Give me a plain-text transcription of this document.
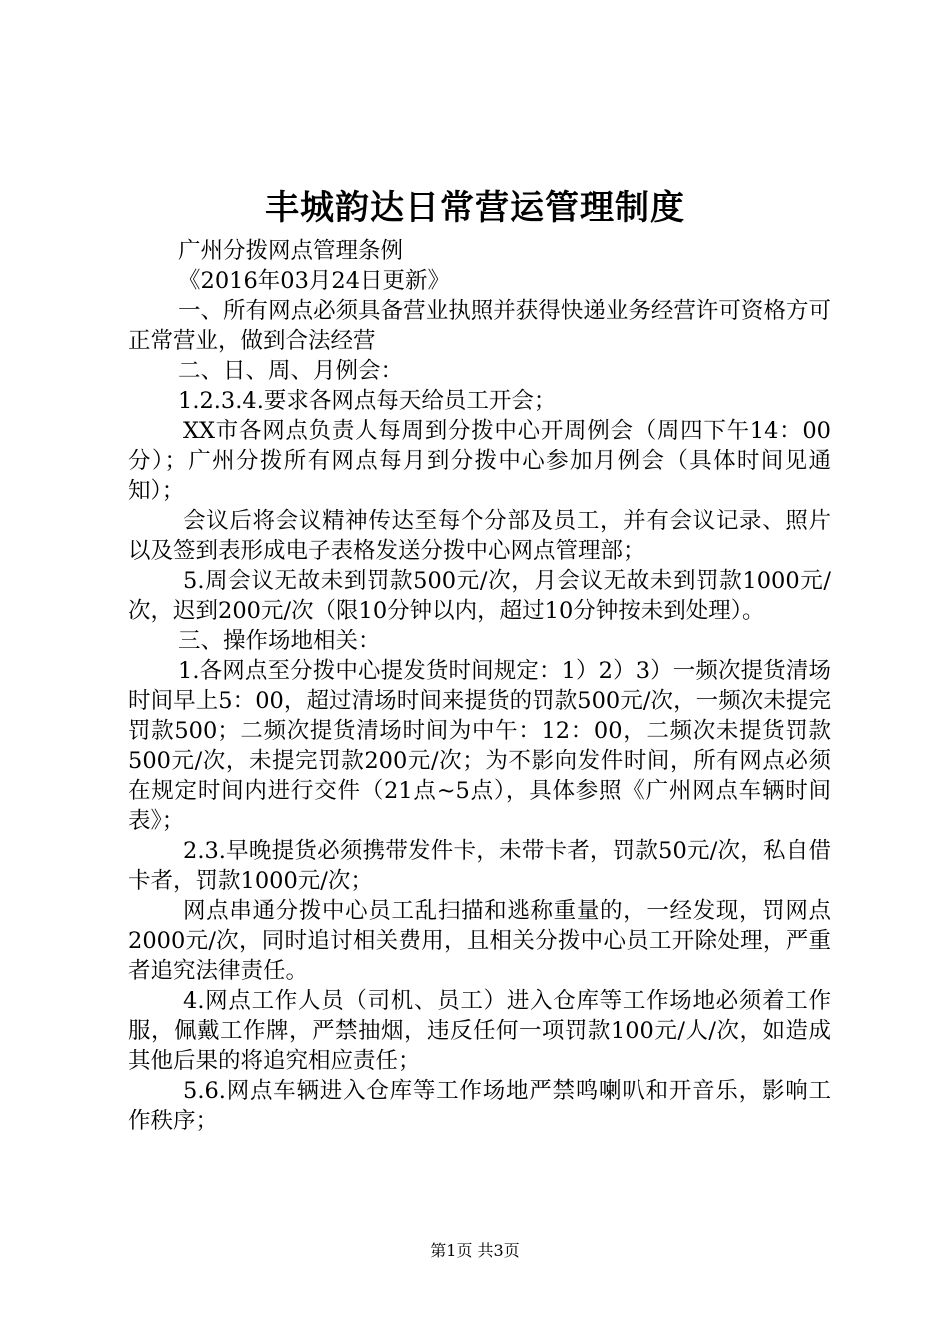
丰城韵达日常营运管理制度

广州分拨网点管理条例

《2016年03月24日更新》

一、所有网点必须具备营业执照并获得快递业务经营许可资格方可正常营业，做到合法经营

二、日、周、月例会：

1.2.3.4.要求各网点每天给员工开会；

XX市各网点负责人每周到分拨中心开周例会（周四下午14：00分）；广州分拨所有网点每月到分拨中心参加月例会（具体时间见通知）；

会议后将会议精神传达至每个分部及员工，并有会议记录、照片以及签到表形成电子表格发送分拨中心网点管理部；

5.周会议无故未到罚款500元/次，月会议无故未到罚款1000元/次，迟到200元/次（限10分钟以内，超过10分钟按未到处理）。

三、操作场地相关：

1.各网点至分拨中心提发货时间规定：1）2）3）一频次提货清场时间早上5：00，超过清场时间来提货的罚款500元/次，一频次未提完罚款500；二频次提货清场时间为中午：12：00，二频次未提货罚款500元/次，未提完罚款200元/次；为不影向发件时间，所有网点必须在规定时间内进行交件（21点~5点），具体参照《广州网点车辆时间表》；

2.3.早晚提货必须携带发件卡，未带卡者，罚款50元/次，私自借卡者，罚款1000元/次；

网点串通分拨中心员工乱扫描和逃称重量的，一经发现，罚网点2000元/次，同时追讨相关费用，且相关分拨中心员工开除处理，严重者追究法律责任。

4.网点工作人员（司机、员工）进入仓库等工作场地必须着工作服，佩戴工作牌，严禁抽烟，违反任何一项罚款100元/人/次，如造成其他后果的将追究相应责任；

5.6.网点车辆进入仓库等工作场地严禁鸣喇叭和开音乐，影响工作秩序；

第1页 共3页
